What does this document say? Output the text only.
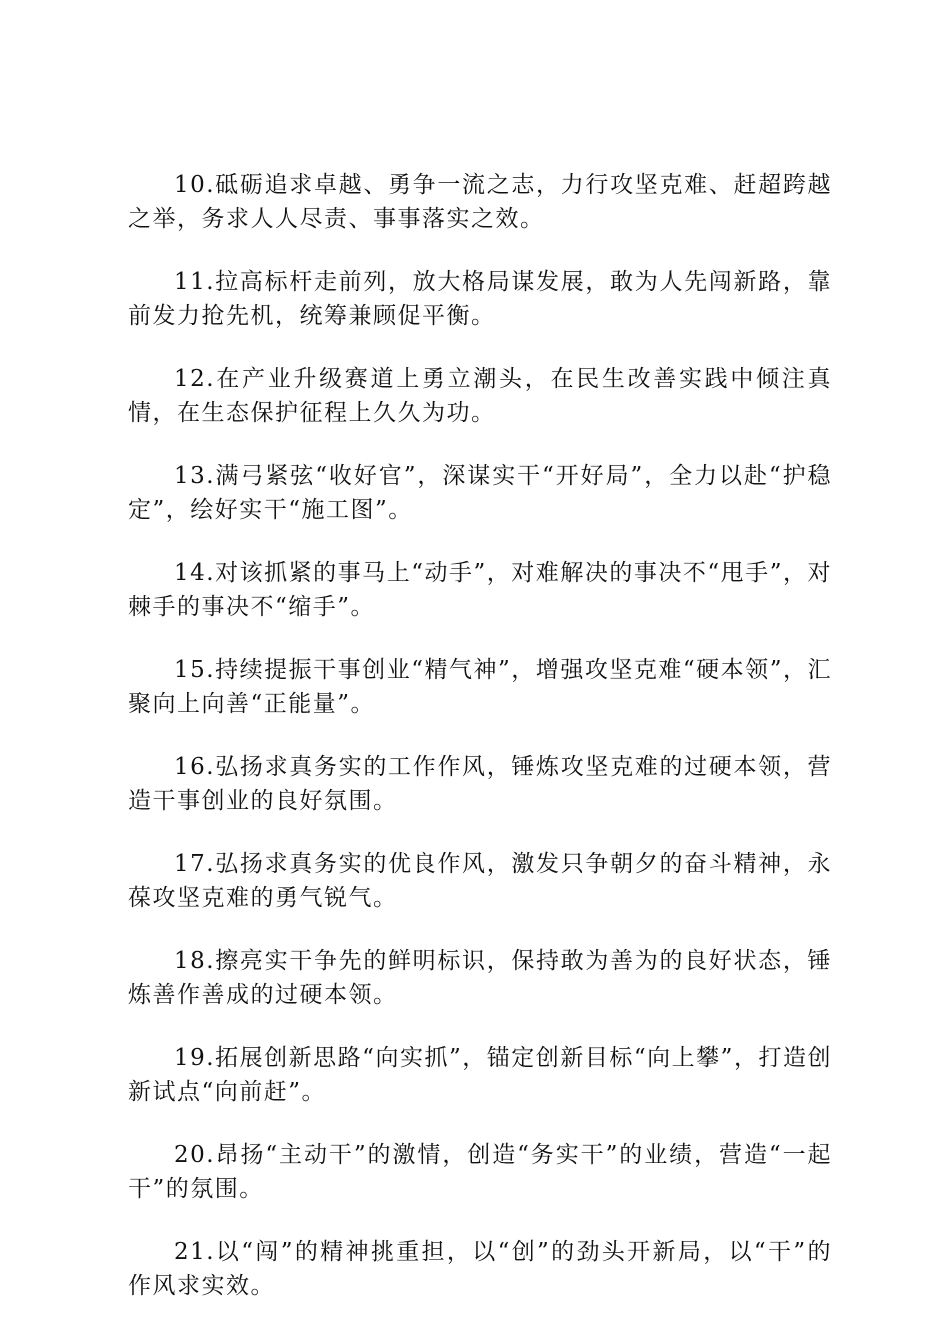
10.砥砺追求卓越、勇争一流之志，力行攻坚克难、赶超跨越之举，务求人人尽责、事事落实之效。

11.拉高标杆走前列，放大格局谋发展，敢为人先闯新路，靠前发力抢先机，统筹兼顾促平衡。

12.在产业升级赛道上勇立潮头，在民生改善实践中倾注真情，在生态保护征程上久久为功。

13.满弓紧弦“收好官”，深谋实干“开好局”，全力以赴“护稳定”，绘好实干“施工图”。

14.对该抓紧的事马上“动手”，对难解决的事决不“甩手”，对棘手的事决不“缩手”。

15.持续提振干事创业“精气神”，增强攻坚克难“硬本领”，汇聚向上向善“正能量”。

16.弘扬求真务实的工作作风，锤炼攻坚克难的过硬本领，营造干事创业的良好氛围。

17.弘扬求真务实的优良作风，激发只争朝夕的奋斗精神，永葆攻坚克难的勇气锐气。

18.擦亮实干争先的鲜明标识，保持敢为善为的良好状态，锤炼善作善成的过硬本领。

19.拓展创新思路“向实抓”，锚定创新目标“向上攀”，打造创新试点“向前赶”。

20.昂扬“主动干”的激情，创造“务实干”的业绩，营造“一起干”的氛围。

21.以“闯”的精神挑重担，以“创”的劲头开新局，以“干”的作风求实效。
